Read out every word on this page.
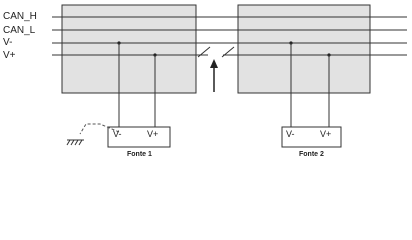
CAN_H
CAN_L
V-
V+
V-	V+	V-	V+
Fonte 1	Fonte 2
